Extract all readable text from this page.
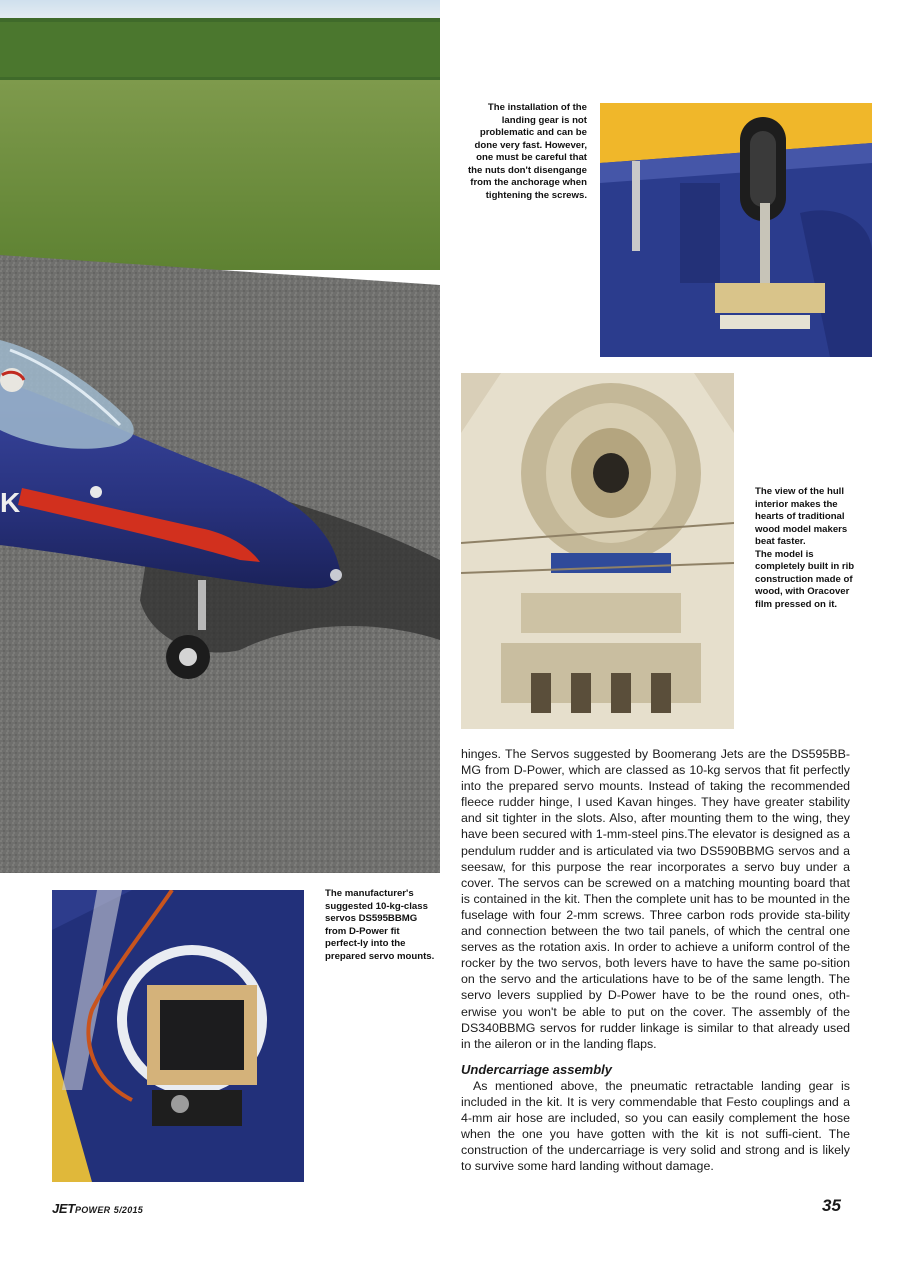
K
The installation of the landing gear is not problematic and can be done very fast. However, one must be careful that the nuts don't disengange from the anchorage when tightening the screws.
The view of the hull interior makes the hearts of traditional wood model makers beat faster.
The model is completely built in rib construction made of wood, with Oracover film pressed on it.
The manufacturer's suggested 10-kg-class servos DS595BBMG from D-Power fit perfect-ly into the prepared servo mounts.

hinges. The Servos suggested by Boomerang Jets are the DS595BB-MG from D-Power, which are classed as 10-kg servos that fit perfectly into the prepared servo mounts. Instead of taking the recommended fleece rudder hinge, I used Kavan hinges. They have greater stability and sit tighter in the slots. Also, after mounting them to the wing, they have been secured with 1-mm-steel pins.The elevator is designed as a pendulum rudder and is articulated via two DS590BBMG servos and a seesaw, for this purpose the rear incorporates a servo buy under a cover. The servos can be screwed on a matching mounting board that is contained in the kit. Then the complete unit has to be mounted in the fuselage with four 2-mm screws. Three carbon rods provide sta-bility and connection between the two tail panels, of which the central one serves as the rotation axis. In order to achieve a uniform control of the rocker by the two servos, both levers have to have the same po-sition on the servo and the articulations have to be of the same length. The servo levers supplied by D-Power have to be the round ones, oth-erwise you won't be able to put on the cover. The assembly of the DS340BBMG servos for rudder linkage is similar to that already used in the aileron or in the landing flaps.

Undercarriage assembly

As mentioned above, the pneumatic retractable landing gear is included in the kit. It is very commendable that Festo couplings and a 4-mm air hose are included, so you can easily complement the hose when the one you have gotten with the kit is not suffi-cient. The construction of the undercarriage is very solid and strong and is likely to survive some hard landing without damage.

JETPOWER 5/2015	35
